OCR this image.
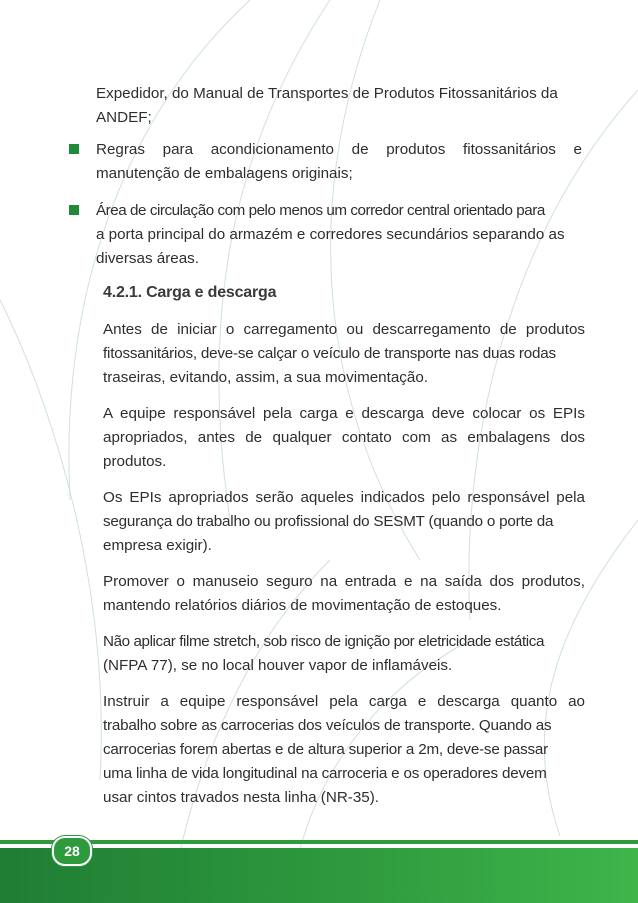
Expedidor, do Manual de Transportes de Produtos Fitossanitários da

ANDEF;

Regras para acondicionamento de produtos fitossanitários e

manutenção de embalagens originais;

Área de circulação com pelo menos um corredor central orientado para

a porta principal do armazém e corredores secundários separando as

diversas áreas.

4.2.1. Carga e descarga

Antes de iniciar o carregamento ou descarregamento de produtos

fitossanitários, deve-se calçar o veículo de transporte nas duas rodas

traseiras, evitando, assim, a sua movimentação.

A equipe responsável pela carga e descarga deve colocar os EPIs

apropriados, antes de qualquer contato com as embalagens dos

produtos.

Os EPIs apropriados serão aqueles indicados pelo responsável pela

segurança do trabalho ou profissional do SESMT (quando o porte da

empresa exigir).

Promover o manuseio seguro na entrada e na saída dos produtos,

mantendo relatórios diários de movimentação de estoques.

Não aplicar filme stretch, sob risco de ignição por eletricidade estática

(NFPA 77), se no local houver vapor de inflamáveis.

Instruir a equipe responsável pela carga e descarga quanto ao

trabalho sobre as carrocerias dos veículos de transporte. Quando as

carrocerias forem abertas e de altura superior a 2m, deve-se passar

uma linha de vida longitudinal na carroceria e os operadores devem

usar cintos travados nesta linha (NR-35).

28
